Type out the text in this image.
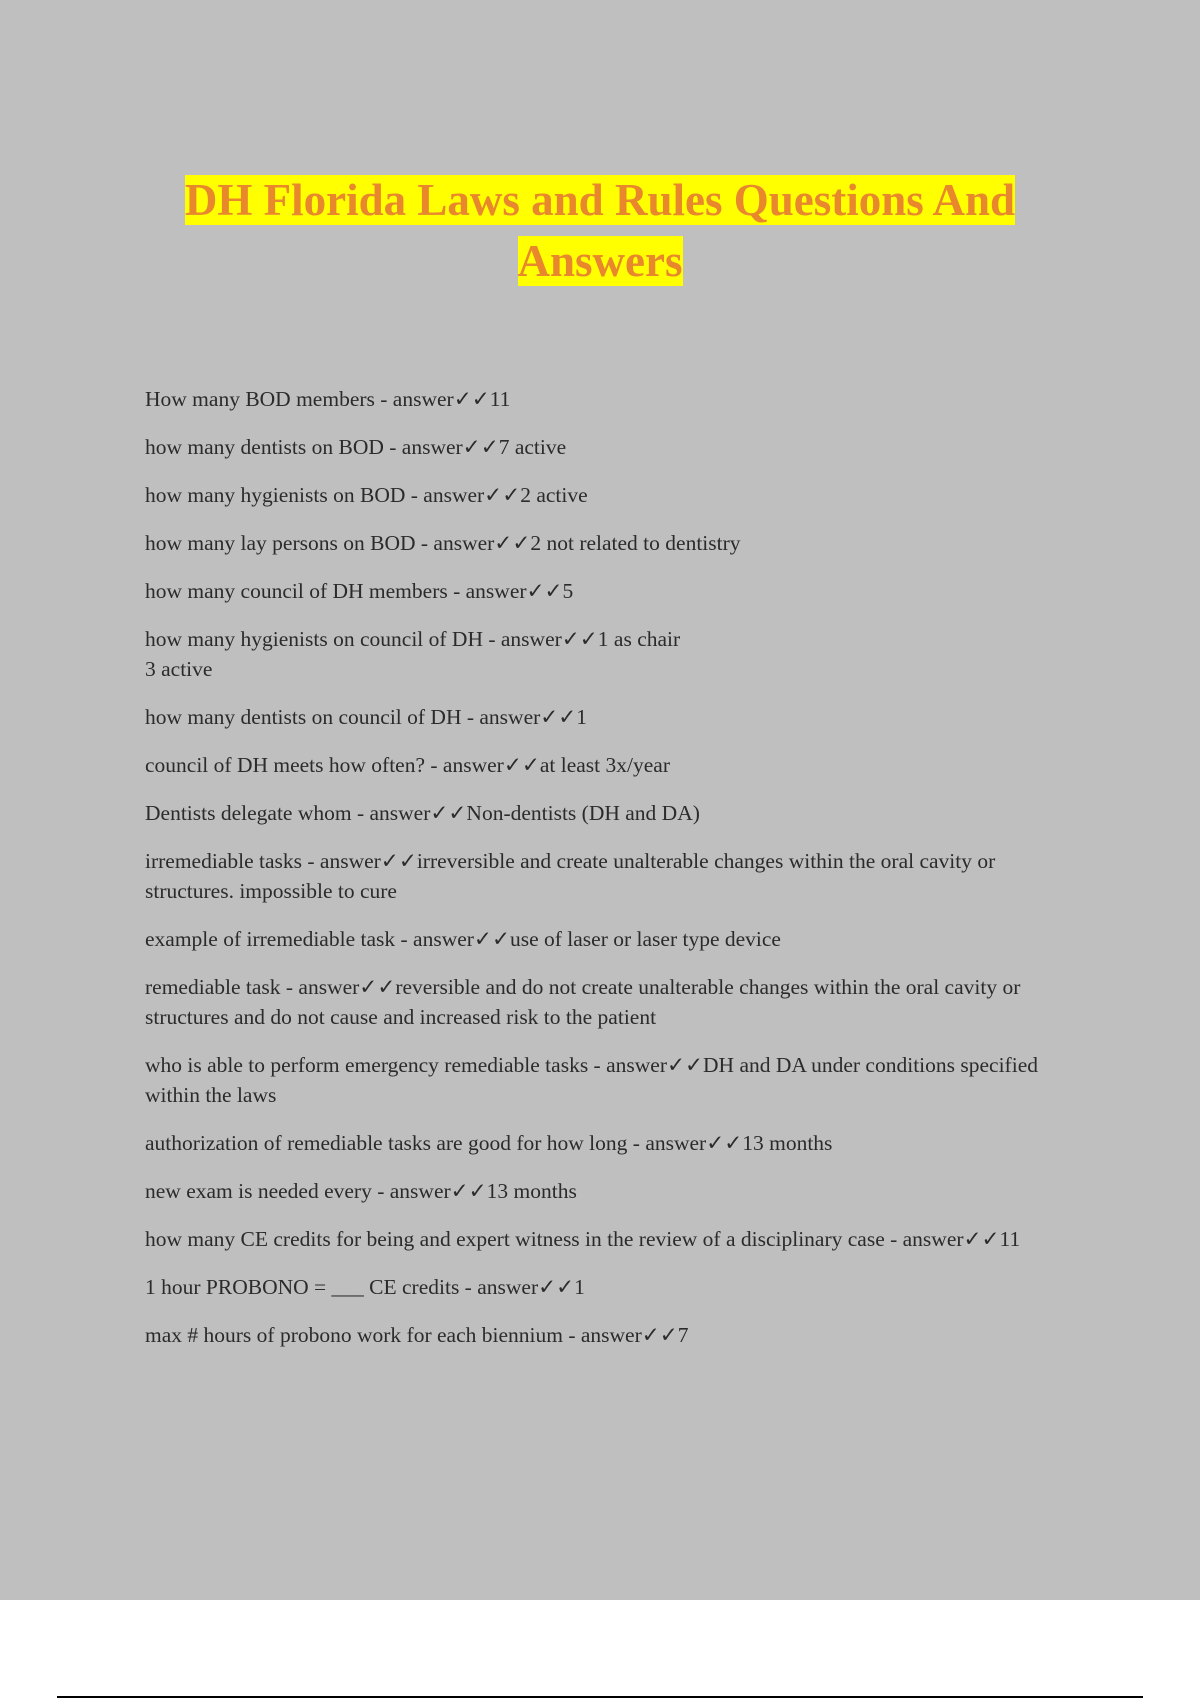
DH Florida Laws and Rules Questions And Answers
How many BOD members - answer✓✓11
how many dentists on BOD - answer✓✓7 active
how many hygienists on BOD - answer✓✓2 active
how many lay persons on BOD - answer✓✓2 not related to dentistry
how many council of DH members - answer✓✓5
how many hygienists on council of DH - answer✓✓1 as chair
3 active
how many dentists on council of DH - answer✓✓1
council of DH meets how often? - answer✓✓at least 3x/year
Dentists delegate whom - answer✓✓Non-dentists (DH and DA)
irremediable tasks - answer✓✓irreversible and create unalterable changes within the oral cavity or structures. impossible to cure
example of irremediable task - answer✓✓use of laser or laser type device
remediable task - answer✓✓reversible and do not create unalterable changes within the oral cavity or structures and do not cause and increased risk to the patient
who is able to perform emergency remediable tasks - answer✓✓DH and DA under conditions specified within the laws
authorization of remediable tasks are good for how long - answer✓✓13 months
new exam is needed every - answer✓✓13 months
how many CE credits for being and expert witness in the review of a disciplinary case - answer✓✓11
1 hour PROBONO = ___ CE credits - answer✓✓1
max # hours of probono work for each biennium - answer✓✓7
